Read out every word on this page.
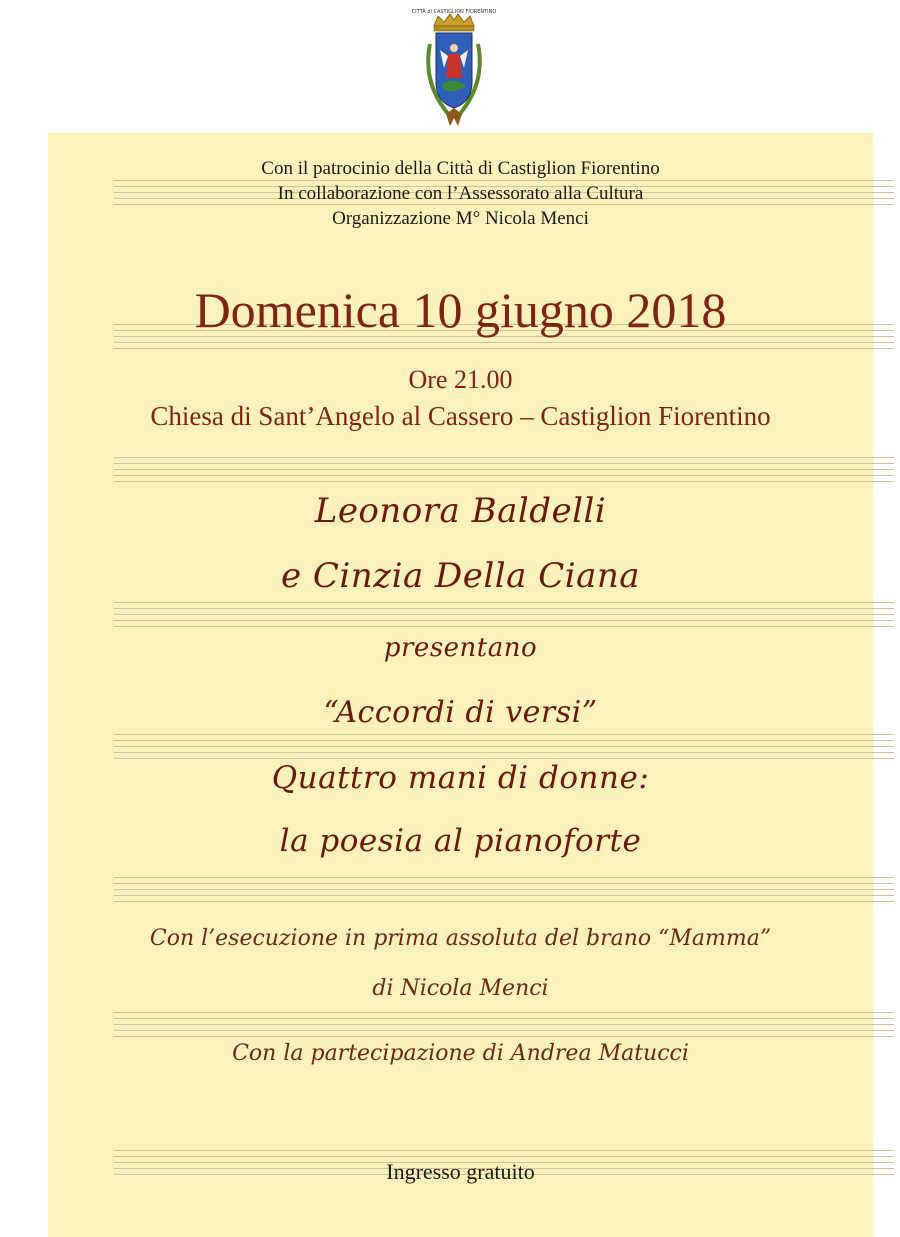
CITTÀ di CASTIGLION FIORENTINO
Con il patrocinio della Città di Castiglion Fiorentino
In collaborazione con l’Assessorato alla Cultura
Organizzazione M° Nicola Menci
Domenica 10 giugno 2018
Ore 21.00
Chiesa di Sant’Angelo al Cassero – Castiglion Fiorentino
Leonora Baldelli
e Cinzia Della Ciana
presentano
“Accordi di versi”
Quattro mani di donne:
la poesia al pianoforte
Con l’esecuzione in prima assoluta del brano “Mamma”
di Nicola Menci
Con la partecipazione di Andrea Matucci
Ingresso gratuito
